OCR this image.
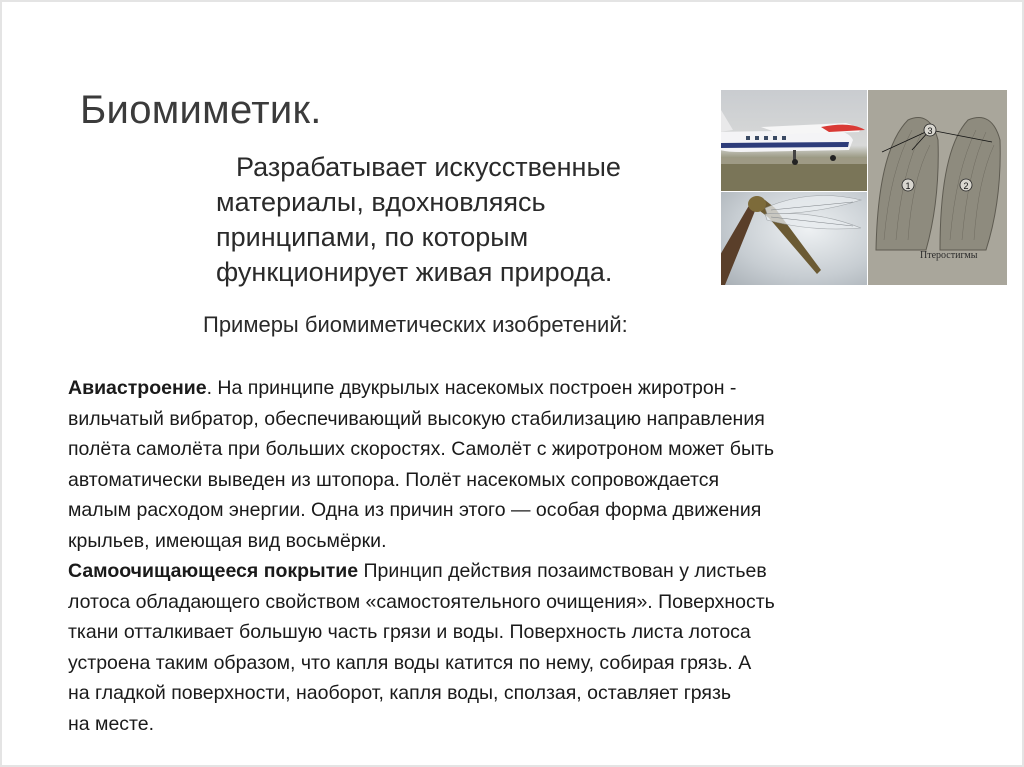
Биомиметик.
Разрабатывает искусственные
материалы, вдохновляясь
принципами, по которым
функционирует живая природа.
Примеры биомиметических изобретений:
3
1	2
Птеростигмы

Авиастроение. На принципе двукрылых насекомых построен жиротрон -
вильчатый вибратор, обеспечивающий высокую стабилизацию направления
полёта самолёта при больших скоростях. Самолёт с жиротроном может быть
автоматически выведен из штопора. Полёт насекомых сопровождается
малым расходом энергии. Одна из причин этого — особая форма движения
крыльев, имеющая вид восьмёрки.

Самоочищающееся покрытие Принцип действия позаимствован у листьев
лотоса обладающего свойством «самостоятельного очищения». Поверхность
ткани отталкивает большую часть грязи и воды. Поверхность листа лотоса
устроена таким образом, что капля воды катится по нему, собирая грязь. А
на гладкой поверхности, наоборот, капля воды, сползая, оставляет грязь
на месте.
